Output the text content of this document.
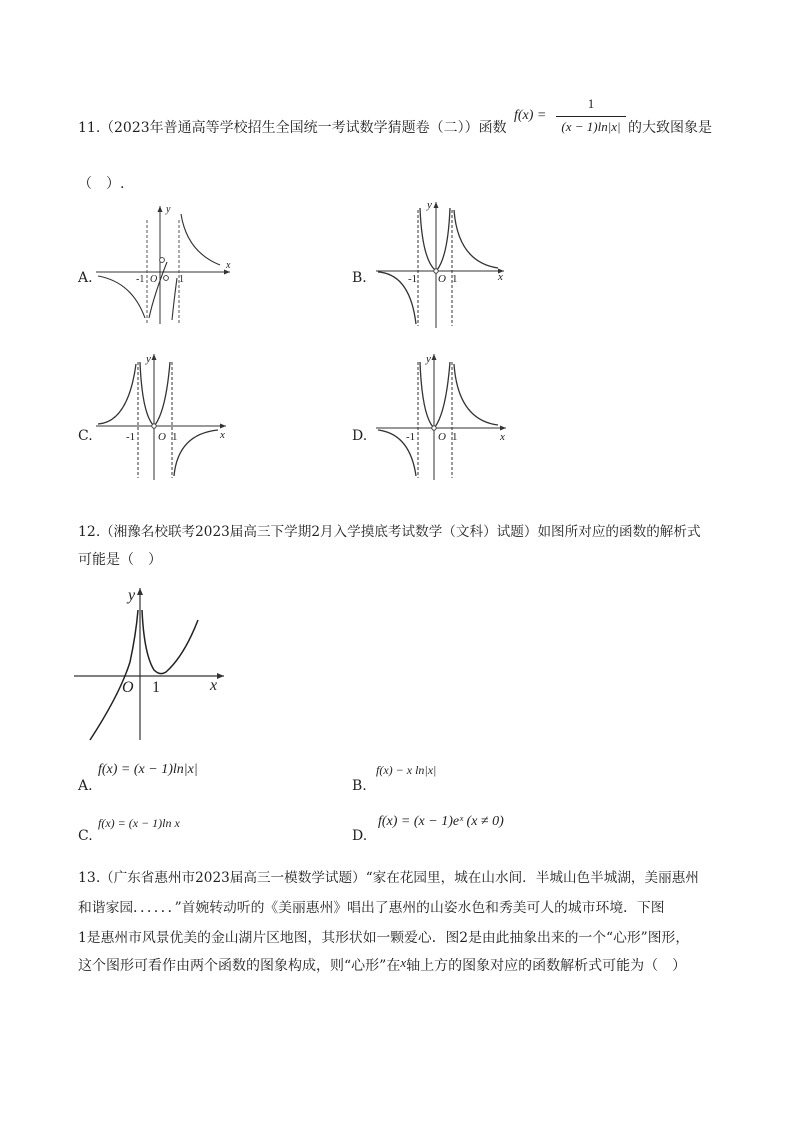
11. （2023年普通高等学校招生全国统一考试数学猜题卷（二））函数
f(x) =
1
(x − 1)ln|x| 的大致图象是
（　）.
A.
y
x
-1 O 1	B.
y
x
-1 O 1
C.
y
x
-1 O 1	D.
y
x
-1 O 1
12. （湘豫名校联考2023届高三下学期2月入学摸底考试数学（文科）试题）如图所对应的函数的解析式
可能是（　）
y
x
O 1
A.
f(x) = (x − 1)ln|x|
B.
f(x) − x ln|x|
C.
f(x) = (x − 1)ln x
D.
f(x) = (x − 1)eˣ (x ≠ 0)
13. （广东省惠州市2023届高三一模数学试题）“家在花园里，城在山水间．半城山色半城湖，美丽惠州
和谐家园．．．．．．”首婉转动听的《美丽惠州》唱出了惠州的山姿水色和秀美可人的城市环境．下图
1是惠州市风景优美的金山湖片区地图，其形状如一颗爱心．图2是由此抽象出来的一个“心形”图形，
这个图形可看作由两个函数的图象构成，则“心形”在x轴上方的图象对应的函数解析式可能为（　）
